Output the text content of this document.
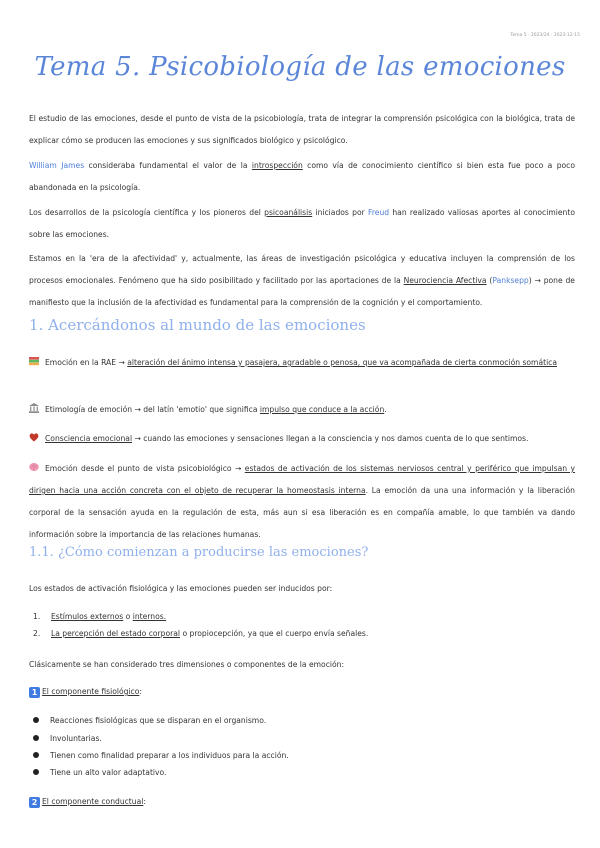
Tema 5 · 2023/24 · 2023-12-15
Tema 5. Psicobiología de las emociones

El estudio de las emociones, desde el punto de vista de la psicobiología, trata de integrar la comprensión psicológica con la biológica, trata de explicar cómo se producen las emociones y sus significados biológico y psicológico.

William James consideraba fundamental el valor de la introspección como vía de conocimiento científico si bien esta fue poco a poco abandonada en la psicología.

Los desarrollos de la psicología científica y los pioneros del psicoanálisis iniciados por Freud han realizado valiosas aportes al conocimiento sobre las emociones.

Estamos en la 'era de la afectividad' y, actualmente, las áreas de investigación psicológica y educativa incluyen la comprensión de los procesos emocionales. Fenómeno que ha sido posibilitado y facilitado por las aportaciones de la Neurociencia Afectiva (Panksepp) → pone de manifiesto que la inclusión de la afectividad es fundamental para la comprensión de la cognición y el comportamiento.

1. Acercándonos al mundo de las emociones

Emoción en la RAE → alteración del ánimo intensa y pasajera, agradable o penosa, que va acompañada de cierta conmoción somática

Etimología de emoción → del latín 'emotio' que significa impulso que conduce a la acción.

Consciencia emocional → cuando las emociones y sensaciones llegan a la consciencia y nos damos cuenta de lo que sentimos.

Emoción desde el punto de vista psicobiológico → estados de activación de los sistemas nerviosos central y periférico que impulsan y dirigen hacia una acción concreta con el objeto de recuperar la homeostasis interna. La emoción da una una información y la liberación corporal de la sensación ayuda en la regulación de esta, más aun si esa liberación es en compañía amable, lo que también va dando información sobre la importancia de las relaciones humanas.

1.1. ¿Cómo comienzan a producirse las emociones?

Los estados de activación fisiológica y las emociones pueden ser inducidos por:

1. Estímulos externos o internos.
2. La percepción del estado corporal o propiocepción, ya que el cuerpo envía señales.

Clásicamente se han considerado tres dimensiones o componentes de la emoción:

1 El componente fisiológico:
Reacciones fisiológicas que se disparan en el organismo.
Involuntarias.
Tienen como finalidad preparar a los individuos para la acción.
Tiene un alto valor adaptativo.
2 El componente conductual:
